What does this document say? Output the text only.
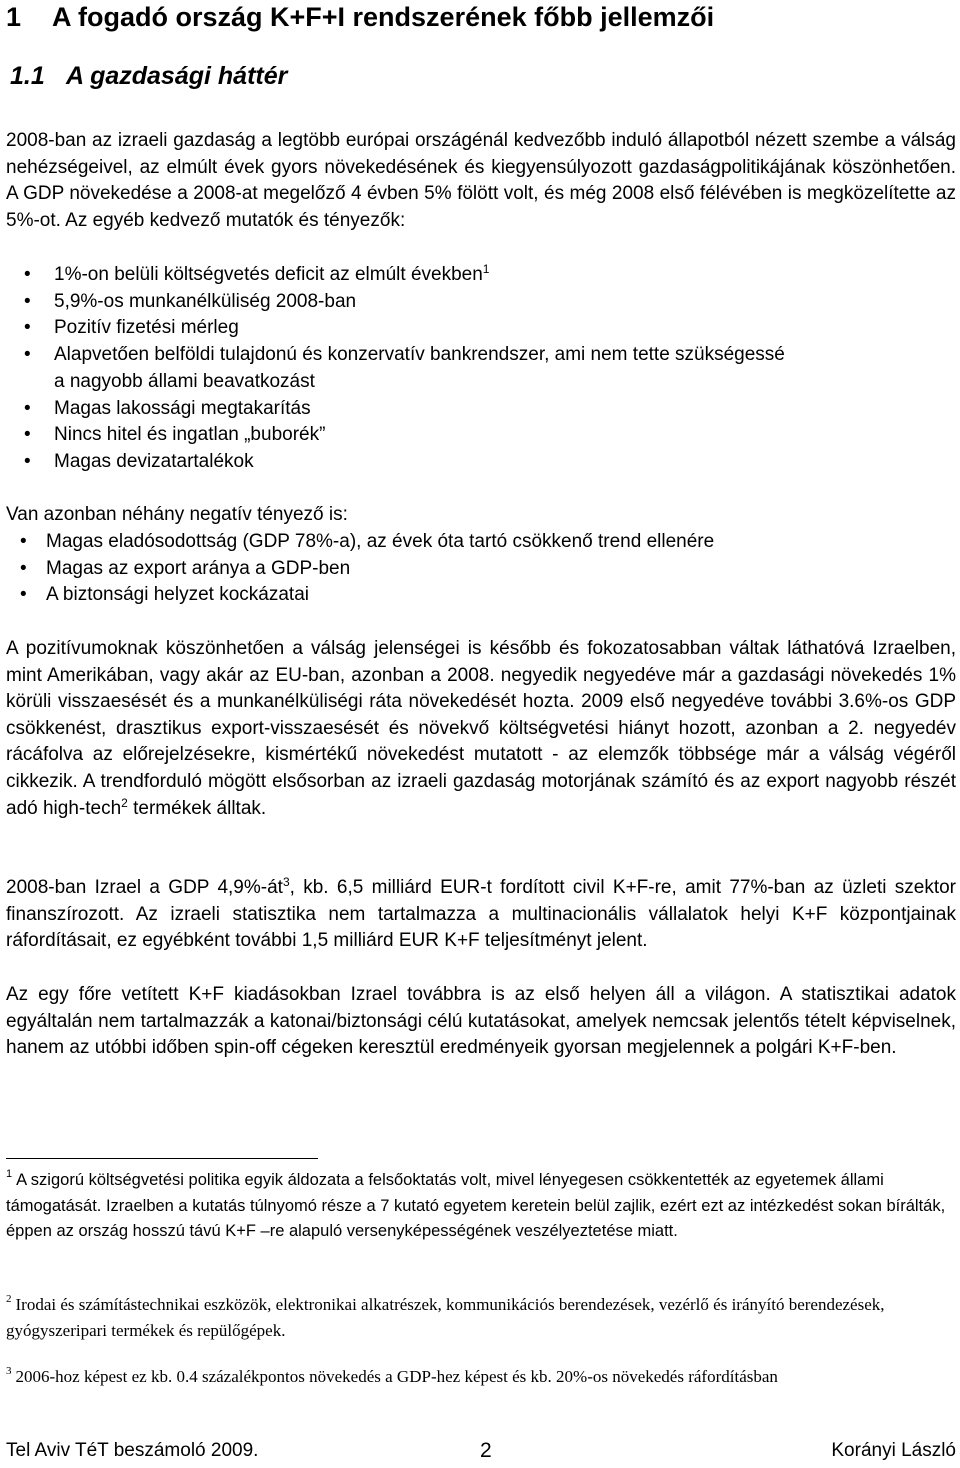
1 A fogadó ország K+F+I rendszerének főbb jellemzői
1.1 A gazdasági háttér

2008-ban az izraeli gazdaság a legtöbb európai országénál kedvezőbb induló állapotból nézett szembe a válság nehézségeivel, az elmúlt évek gyors növekedésének és kiegyensúlyozott gazdaságpolitikájának köszönhetően. A GDP növekedése a 2008-at megelőző 4 évben 5% fölött volt, és még 2008 első félévében is megközelítette az 5%-ot. Az egyéb kedvező mutatók és tényezők:

• 1%-on belüli költségvetés deficit az elmúlt években$^1$
• 5,9%-os munkanélküliség 2008-ban
• Pozitív fizetési mérleg
• Alapvetően belföldi tulajdonú és konzervatív bankrendszer, ami nem tette szükségessé
a nagyobb állami beavatkozást
• Magas lakossági megtakarítás
• Nincs hitel és ingatlan „buborék”
• Magas devizatartalékok

Van azonban néhány negatív tényező is:

• Magas eladósodottság (GDP 78%-a), az évek óta tartó csökkenő trend ellenére
• Magas az export aránya a GDP-ben
• A biztonsági helyzet kockázatai

A pozitívumoknak köszönhetően a válság jelenségei is később és fokozatosabban váltak láthatóvá Izraelben, mint Amerikában, vagy akár az EU-ban, azonban a 2008. negyedik negyedéve már a gazdasági növekedés 1% körüli visszaesését és a munkanélküliségi ráta növekedését hozta. 2009 első negyedéve további 3.6%-os GDP csökkenést, drasztikus export-visszaesését és növekvő költségvetési hiányt hozott, azonban a 2. negyedév rácáfolva az előrejelzésekre, kismértékű növekedést mutatott - az elemzők többsége már a válság végéről cikkezik. A trendforduló mögött elsősorban az izraeli gazdaság motorjának számító és az export nagyobb részét adó high-tech$^2$ termékek álltak.

2008-ban Izrael a GDP $4,9\%-át^3$, kb. 6,5 milliárd EUR-t fordított civil K+F-re, amit 77%-ban az üzleti szektor finanszírozott. Az izraeli statisztika nem tartalmazza a multinacionális vállalatok helyi K+F központjainak ráfordításait, ez egyébként további 1,5 milliárd EUR K+F teljesítményt jelent.

Az egy főre vetített K+F kiadásokban Izrael továbbra is az első helyen áll a világon. A statisztikai adatok egyáltalán nem tartalmazzák a katonai/biztonsági célú kutatásokat, amelyek nemcsak jelentős tételt képviselnek, hanem az utóbbi időben spin-off cégeken keresztül eredményeik gyorsan megjelennek a polgári K+F-ben.

$^1$ A szigorú költségvetési politika egyik áldozata a felsőoktatás volt, mivel lényegesen csökkentették az egyetemek állami támogatását. Izraelben a kutatás túlnyomó része a 7 kutató egyetem keretein belül zajlik, ezért ezt az intézkedést sokan bírálták, éppen az ország hosszú távú K+F –re alapuló versenyképességének veszélyeztetése miatt.

$^2$ Irodai és számítástechnikai eszközök, elektronikai alkatrészek, kommunikációs berendezések, vezérlő és irányító berendezések, gyógyszeripari termékek és repülőgépek.

$^3$ 2006-hoz képest ez kb. 0.4 százalékpontos növekedés a GDP-hez képest és kb. 20%-os növekedés ráfordításban

Tel Aviv TéT beszámoló 2009.	2	Korányi László
